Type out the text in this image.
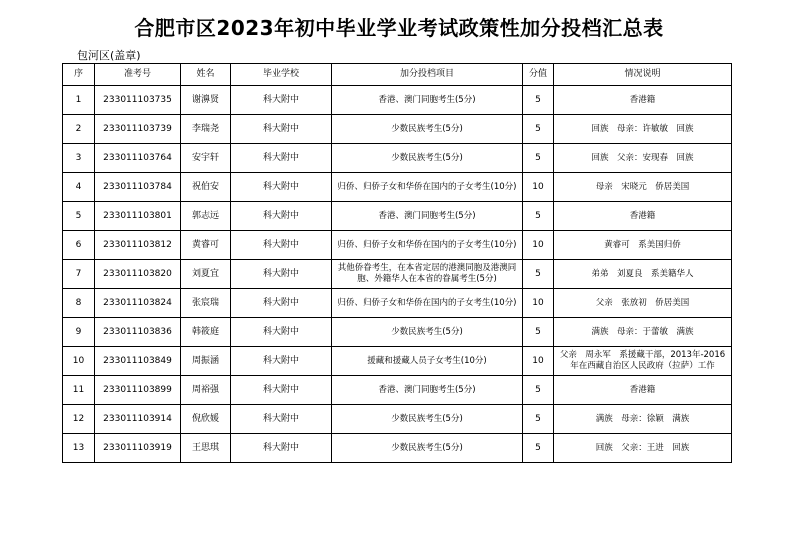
合肥市区2023年初中毕业学业考试政策性加分投档汇总表
包河区(盖章)
序	准考号	姓名	毕业学校	加分投档项目	分值	情况说明
1	233011103735	谢濞贤	科大附中	香港、澳门同胞考生(5分)	5	香港籍
2	233011103739	李瑞尧	科大附中	少数民族考生(5分)	5	回族　母亲：许敏敏　回族
3	233011103764	安宇轩	科大附中	少数民族考生(5分)	5	回族　父亲：安现春　回族
4	233011103784	祝伯安	科大附中	归侨、归侨子女和华侨在国内的子女考生(10分)	10	母亲　宋晓元　侨居美国
5	233011103801	郭志远	科大附中	香港、澳门同胞考生(5分)	5	香港籍
6	233011103812	黄睿可	科大附中	归侨、归侨子女和华侨在国内的子女考生(10分)	10	黄睿可　系美国归侨
7	233011103820	刘夏宜	科大附中	其他侨眷考生，在本省定居的港澳同胞及港澳同胞、外籍华人在本省的眷属考生(5分)	5	弟弟　刘夏良　系美籍华人
8	233011103824	张宸瑞	科大附中	归侨、归侨子女和华侨在国内的子女考生(10分)	10	父亲　张放初　侨居美国
9	233011103836	韩筱庭	科大附中	少数民族考生(5分)	5	满族　母亲：于蕾敏　满族
10	233011103849	周振涵	科大附中	援藏和援藏人员子女考生(10分)	10	父亲　周永军　系援藏干部，2013年-2016年在西藏自治区人民政府（拉萨）工作
11	233011103899	周裕强	科大附中	香港、澳门同胞考生(5分)	5	香港籍
12	233011103914	倪欣媛	科大附中	少数民族考生(5分)	5	满族　母亲：徐颖　满族
13	233011103919	王思琪	科大附中	少数民族考生(5分)	5	回族　父亲：王进　回族
